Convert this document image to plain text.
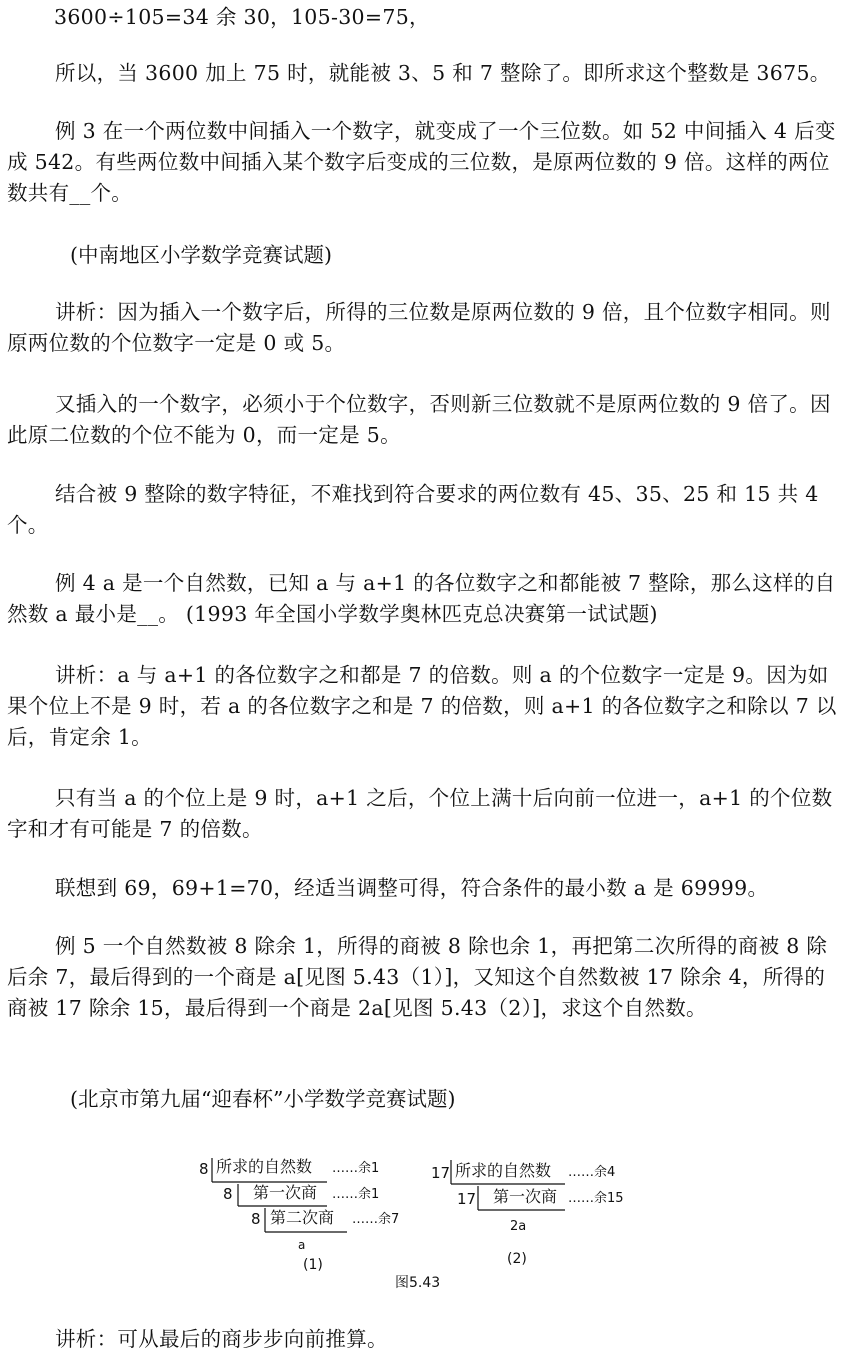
3600÷105=34 余 30，105-30=75，

所以，当 3600 加上 75 时，就能被 3、5 和 7 整除了。即所求这个整数是 3675。

例 3 在一个两位数中间插入一个数字，就变成了一个三位数。如 52 中间插入 4 后变成 542。有些两位数中间插入某个数字后变成的三位数，是原两位数的 9 倍。这样的两位数共有__个。

(中南地区小学数学竞赛试题)

讲析：因为插入一个数字后，所得的三位数是原两位数的 9 倍，且个位数字相同。则原两位数的个位数字一定是 0 或 5。

又插入的一个数字，必须小于个位数字，否则新三位数就不是原两位数的 9 倍了。因此原二位数的个位不能为 0，而一定是 5。

结合被 9 整除的数字特征，不难找到符合要求的两位数有 45、35、25 和 15 共 4 个。

例 4 a 是一个自然数，已知 a 与 a+1 的各位数字之和都能被 7 整除，那么这样的自然数 a 最小是__。 (1993 年全国小学数学奥林匹克总决赛第一试试题)

讲析：a 与 a+1 的各位数字之和都是 7 的倍数。则 a 的个位数字一定是 9。因为如果个位上不是 9 时，若 a 的各位数字之和是 7 的倍数，则 a+1 的各位数字之和除以 7 以后，肯定余 1。

只有当 a 的个位上是 9 时，a+1 之后，个位上满十后向前一位进一，a+1 的个位数字和才有可能是 7 的倍数。

联想到 69，69+1=70，经适当调整可得，符合条件的最小数 a 是 69999。

例 5 一个自然数被 8 除余 1，所得的商被 8 除也余 1，再把第二次所得的商被 8 除后余 7，最后得到的一个商是 a[见图 5.43（1）]，又知这个自然数被 17 除余 4，所得的商被 17 除余 15，最后得到一个商是 2a[见图 5.43（2）]，求这个自然数。

(北京市第九届“迎春杯”小学数学竞赛试题)

8 所求的自然数 ……余1
8 第一次商 ……余1
8 第二次商 ……余7
a
(1)
17 所求的自然数 ……余4
17 第一次商 ……余15
2a
(2)
图5.43

讲析：可从最后的商步步向前推算。
